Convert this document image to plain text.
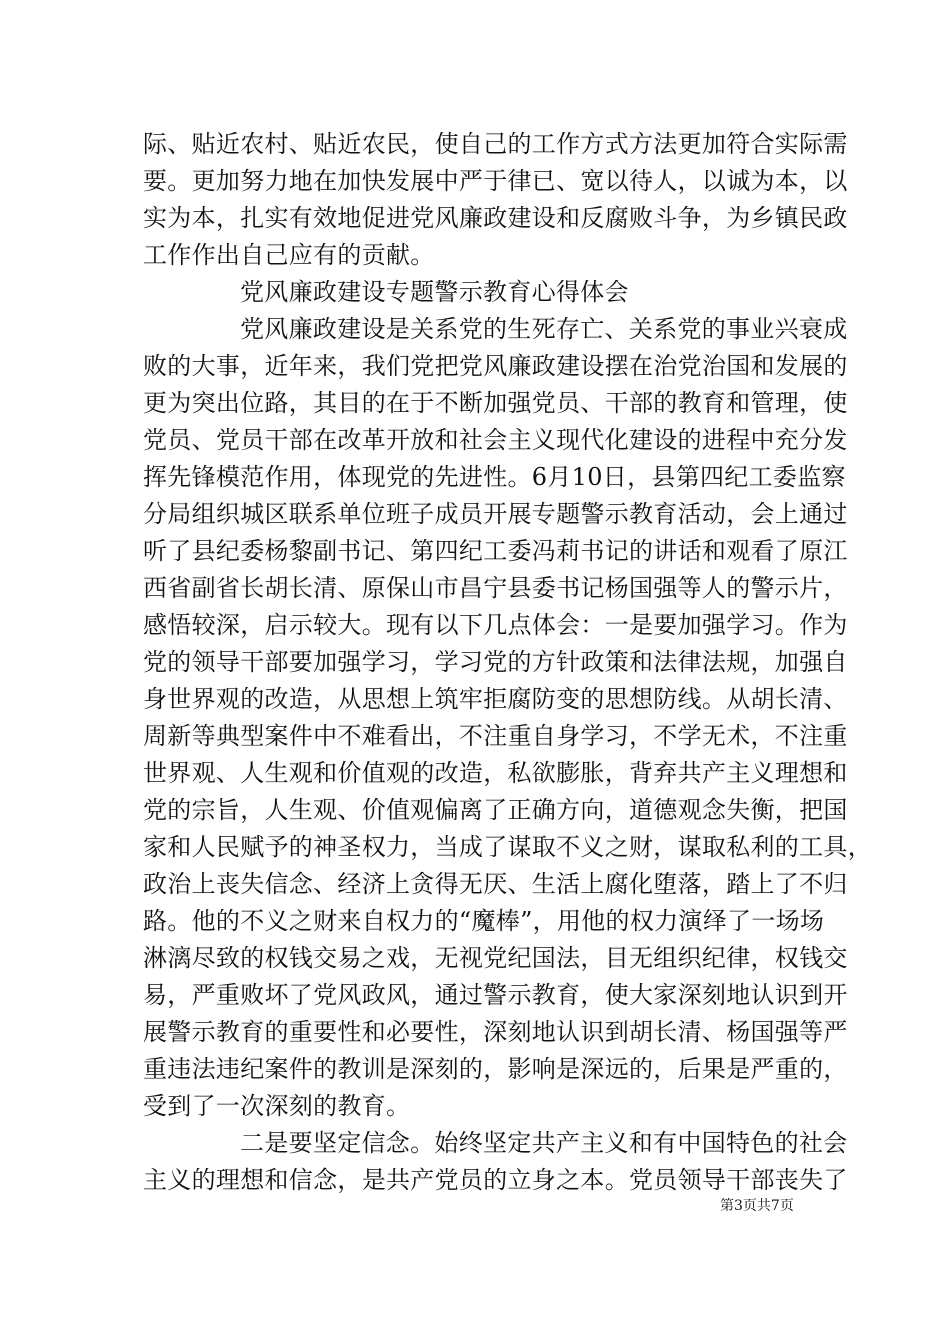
际、贴近农村、贴近农民，使自己的工作方式方法更加符合实际需
要。更加努力地在加快发展中严于律已、宽以待人，以诚为本，以
实为本，扎实有效地促进党风廉政建设和反腐败斗争，为乡镇民政
工作作出自己应有的贡献。
党风廉政建设专题警示教育心得体会
党风廉政建设是关系党的生死存亡、关系党的事业兴衰成
败的大事，近年来，我们党把党风廉政建设摆在治党治国和发展的
更为突出位路，其目的在于不断加强党员、干部的教育和管理，使
党员、党员干部在改革开放和社会主义现代化建设的进程中充分发
挥先锋模范作用，体现党的先进性。6月10日，县第四纪工委监察
分局组织城区联系单位班子成员开展专题警示教育活动，会上通过
听了县纪委杨黎副书记、第四纪工委冯莉书记的讲话和观看了原江
西省副省长胡长清、原保山市昌宁县委书记杨国强等人的警示片，
感悟较深，启示较大。现有以下几点体会：一是要加强学习。作为
党的领导干部要加强学习，学习党的方针政策和法律法规，加强自
身世界观的改造，从思想上筑牢拒腐防变的思想防线。从胡长清、
周新等典型案件中不难看出，不注重自身学习，不学无术，不注重
世界观、人生观和价值观的改造，私欲膨胀，背弃共产主义理想和
党的宗旨，人生观、价值观偏离了正确方向，道德观念失衡，把国
家和人民赋予的神圣权力，当成了谋取不义之财，谋取私利的工具，
政治上丧失信念、经济上贪得无厌、生活上腐化堕落，踏上了不归
路。他的不义之财来自权力的“魔棒”，用他的权力演绎了一场场
淋漓尽致的权钱交易之戏，无视党纪国法，目无组织纪律，权钱交
易，严重败坏了党风政风，通过警示教育，使大家深刻地认识到开
展警示教育的重要性和必要性，深刻地认识到胡长清、杨国强等严
重违法违纪案件的教训是深刻的，影响是深远的，后果是严重的，
受到了一次深刻的教育。
二是要坚定信念。始终坚定共产主义和有中国特色的社会
主义的理想和信念，是共产党员的立身之本。党员领导干部丧失了
第3页共7页
